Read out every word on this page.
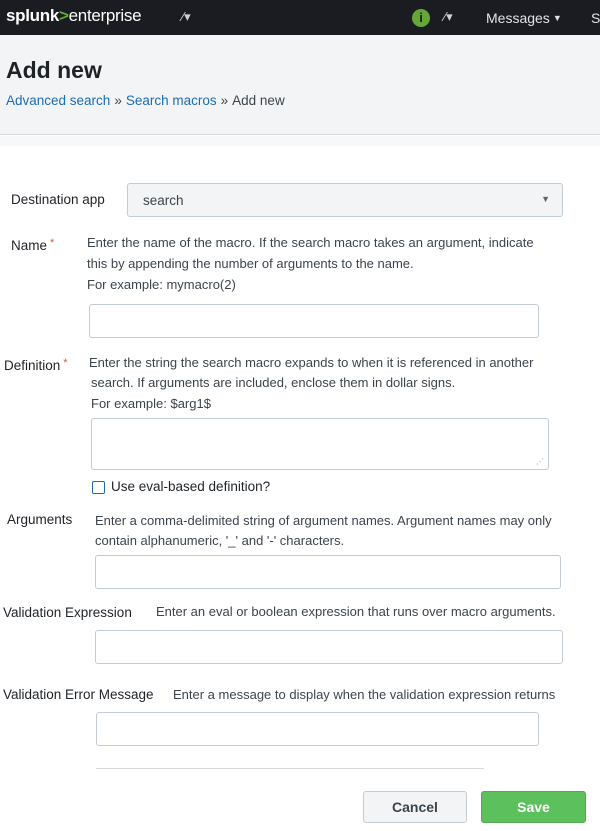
splunk>enterprise	⁄▾	i	⁄▾ Messages ▼ S
Add new
Advanced search » Search macros » Add new
Destination app	search	▼
Name *	Enter the name of the macro. If the search macro takes an argument, indicate
this by appending the number of arguments to the name.
For example: mymacro(2)
Definition * Enter the string the search macro expands to when it is referenced in another
search. If arguments are included, enclose them in dollar signs.
For example: $arg1$
⋰
Use eval-based definition?
Arguments Enter a comma-delimited string of argument names. Argument names may only
contain alphanumeric, '_' and '-' characters.
Validation Expression Enter an eval or boolean expression that runs over macro arguments.
Validation Error Message Enter a message to display when the validation expression returns
Cancel	Save
